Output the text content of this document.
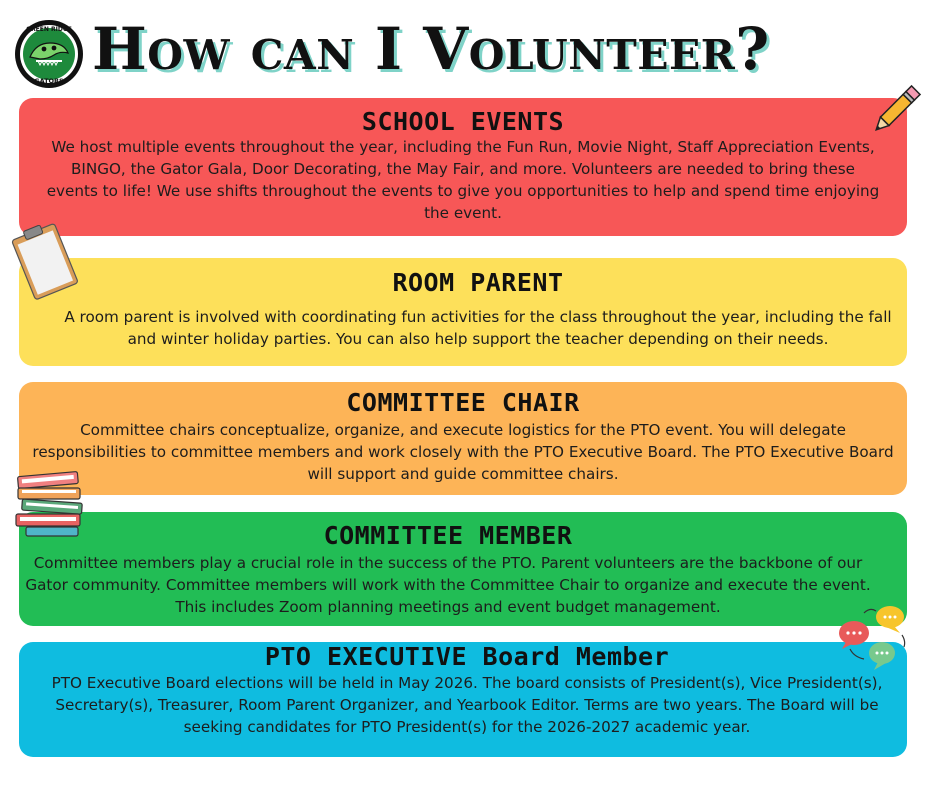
GREEN RIDGE
GATORS How can I Volunteer?
SCHOOL EVENTS

We host multiple events throughout the year, including the Fun Run, Movie Night, Staff Appreciation Events, BINGO, the Gator Gala, Door Decorating, the May Fair, and more. Volunteers are needed to bring these events to life! We use shifts throughout the events to give you opportunities to help and spend time enjoying the event.

ROOM PARENT

A room parent is involved with coordinating fun activities for the class throughout the year, including the fall and winter holiday parties. You can also help support the teacher depending on their needs.

COMMITTEE CHAIR

Committee chairs conceptualize, organize, and execute logistics for the PTO event. You will delegate responsibilities to committee members and work closely with the PTO Executive Board. The PTO Executive Board will support and guide committee chairs.

COMMITTEE MEMBER

Committee members play a crucial role in the success of the PTO. Parent volunteers are the backbone of our Gator community. Committee members will work with the Committee Chair to organize and execute the event. This includes Zoom planning meetings and event budget management.

PTO EXECUTIVE Board Member

PTO Executive Board elections will be held in May 2026. The board consists of President(s), Vice President(s), Secretary(s), Treasurer, Room Parent Organizer, and Yearbook Editor. Terms are two years. The Board will be seeking candidates for PTO President(s) for the 2026-2027 academic year.
